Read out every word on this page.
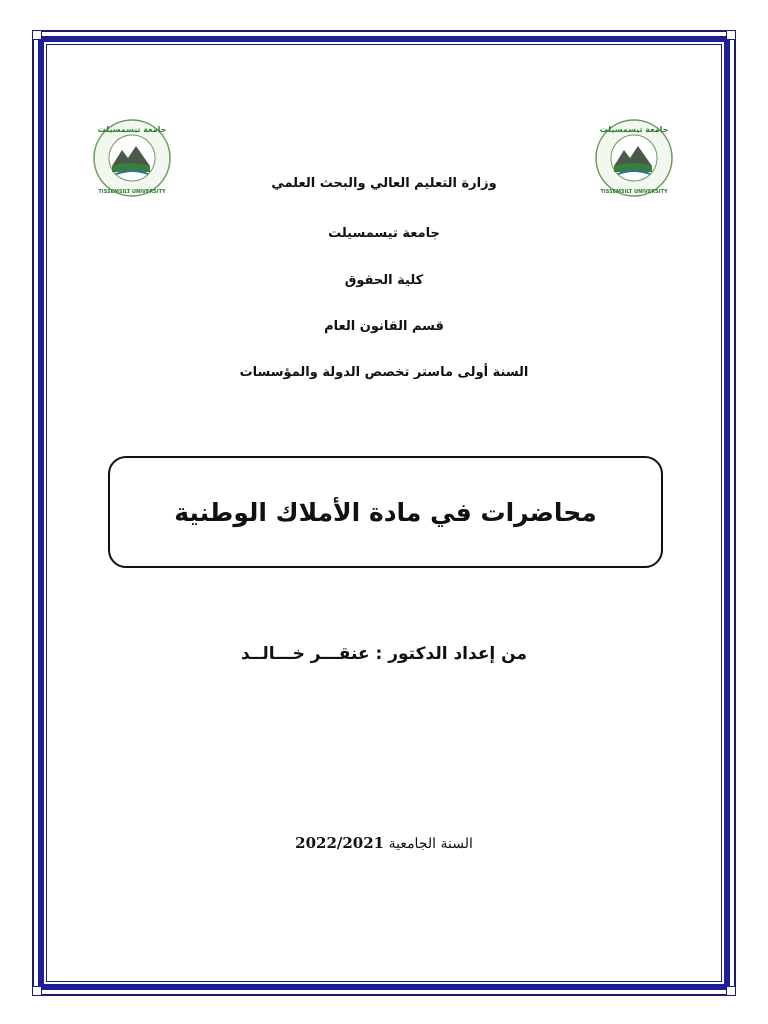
جامعة تيسمسيلت
TISSEMSILT UNIVERSITY
جامعة تيسمسيلت
TISSEMSILT UNIVERSITY
وزارة التعليم العالي والبحث العلمي
جامعة تيسمسيلت
كلية الحقوق
قسم القانون العام
السنة أولى ماستر تخصص الدولة والمؤسسات
محاضرات في مادة الأملاك الوطنية
من إعداد الدكتور : عنقـــر خـــالــد
السنة الجامعية 2022/2021
